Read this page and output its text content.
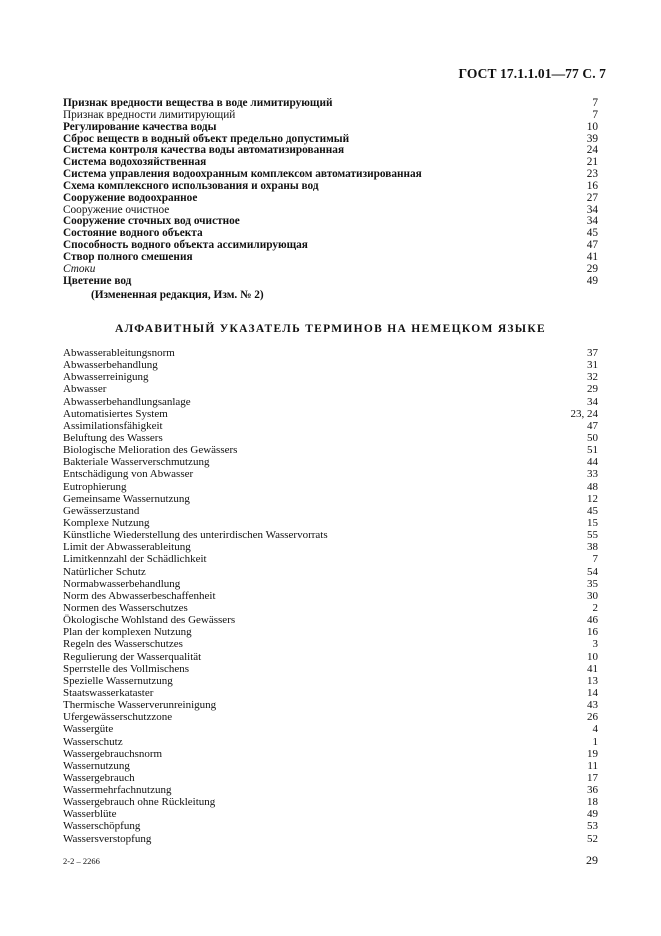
ГОСТ 17.1.1.01—77 С. 7
Признак вредности вещества в воде лимитирующий	7
Признак вредности лимитирующий	7
Регулирование качества воды	10
Сброс веществ в водный объект предельно допустимый	39
Система контроля качества воды автоматизированная	24
Система водохозяйственная	21
Система управления водоохранным комплексом автоматизированная	23
Схема комплексного использования и охраны вод	16
Сооружение водоохранное	27
Сооружение очистное	34
Сооружение сточных вод очистное	34
Состояние водного объекта	45
Способность водного объекта ассимилирующая	47
Створ полного смешения	41
Стоки	29
Цветение вод	49
(Измененная редакция, Изм. № 2)
АЛФАВИТНЫЙ УКАЗАТЕЛЬ ТЕРМИНОВ НА НЕМЕЦКОМ ЯЗЫКЕ
Abwasserableitungsnorm	37
Abwasserbehandlung	31
Abwasserreinigung	32
Abwasser	29
Abwasserbehandlungsanlage	34
Automatisiertes System	23, 24
Assimilationsfähigkeit	47
Beluftung des Wassers	50
Biologische Melioration des Gewässers	51
Bakteriale Wasserverschmutzung	44
Entschädigung von Abwasser	33
Eutrophierung	48
Gemeinsame Wassernutzung	12
Gewässerzustand	45
Komplexe Nutzung	15
Künstliche Wiederstellung des unterirdischen Wasservorrats	55
Limit der Abwasserableitung	38
Limitkennzahl der Schädlichkeit	7
Natürlicher Schutz	54
Normabwasserbehandlung	35
Norm des Abwasserbeschaffenheit	30
Normen des Wasserschutzes	2
Ökologische Wohlstand des Gewässers	46
Plan der komplexen Nutzung	16
Regeln des Wasserschutzes	3
Regulierung der Wasserqualität	10
Sperrstelle des Vollmischens	41
Spezielle Wassernutzung	13
Staatswasserkataster	14
Thermische Wasserverunreinigung	43
Ufergewässerschutzzone	26
Wassergüte	4
Wasserschutz	1
Wassergebrauchsnorm	19
Wassernutzung	11
Wassergebrauch	17
Wassermehrfachnutzung	36
Wassergebrauch ohne Rückleitung	18
Wasserblüte	49
Wasserschöpfung	53
Wassersverstopfung	52
2-2 – 2266	29
